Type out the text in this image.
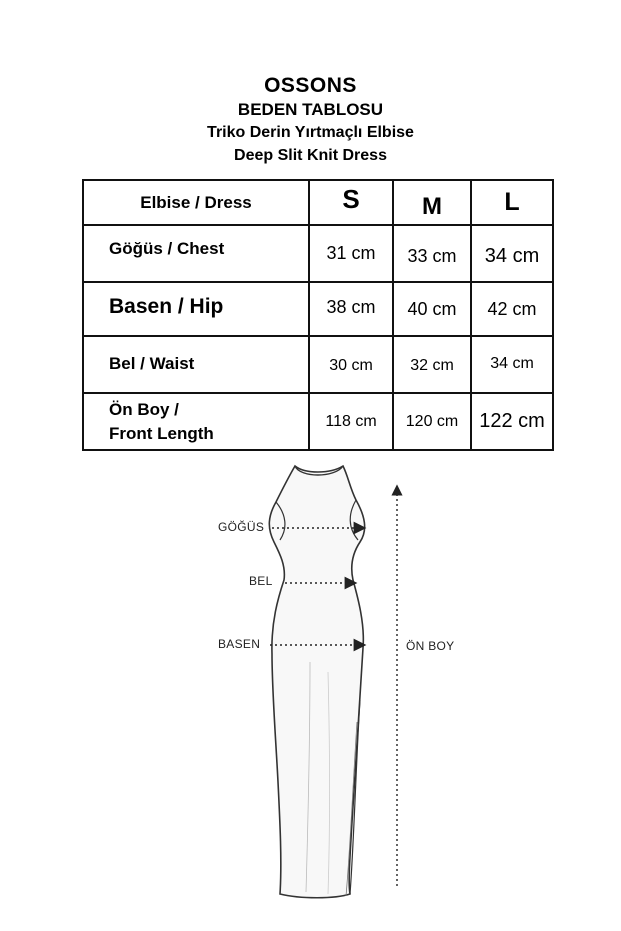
OSSONS
BEDEN TABLOSU
Triko Derin Yırtmaçlı Elbise
Deep Slit Knit Dress
Elbise / Dress	S	M	L
Göğüs / Chest	31 cm	33 cm	34 cm
Basen / Hip	38 cm	40 cm	42 cm
Bel / Waist	30 cm	32 cm	34 cm

Ön Boy /
Front Length	118 cm	120 cm	122 cm
GÖĞÜS
BEL
BASEN	ÖN BOY
